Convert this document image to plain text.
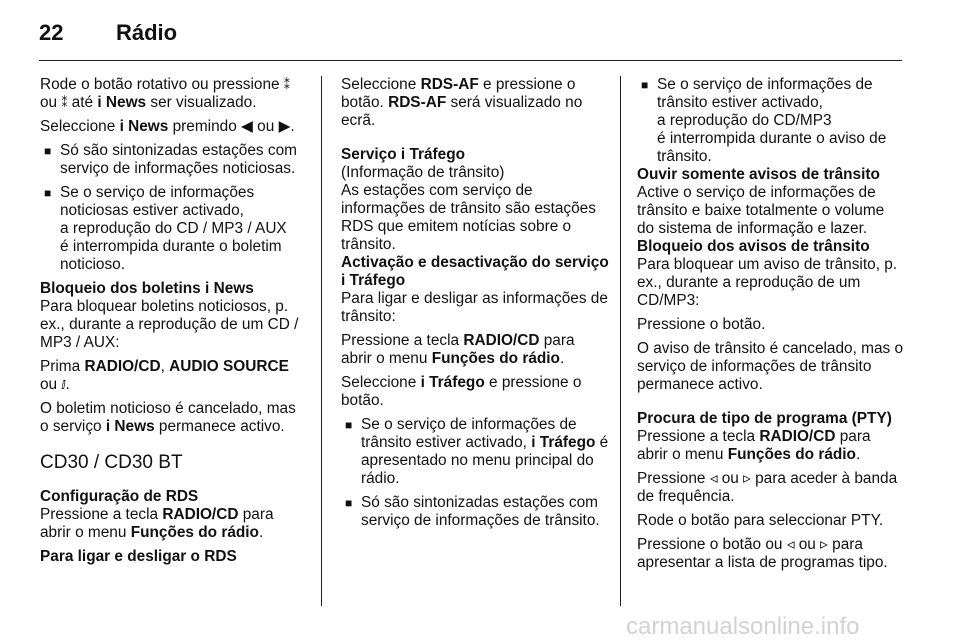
22	Rádio

Rode o botão rotativo ou pressione ⁑ ou ⁑ até i News ser visualizado.

Seleccione i News premindo ◀ ou ▶.

■ Só são sintonizadas estações com serviço de informações noticiosas.
■ Se o serviço de informações
noticiosas estiver activado,
a reprodução do CD / MP3 / AUX
é interrompida durante o boletim
noticioso.

Bloqueio dos boletins i News

Para bloquear boletins noticiosos, p. ex., durante a reprodução de um CD / MP3 / AUX:

Prima RADIO/CD, AUDIO SOURCE ou ⅈ.

O boletim noticioso é cancelado, mas o serviço i News permanece activo.

CD30 / CD30 BT

Configuração de RDS

Pressione a tecla RADIO/CD para abrir o menu Funções do rádio.

Para ligar e desligar o RDS

Seleccione RDS-AF e pressione o botão. RDS-AF será visualizado no ecrã.

Serviço i Tráfego

(Informação de trânsito)

As estações com serviço de informações de trânsito são estações RDS que emitem notícias sobre o trânsito.

Activação e desactivação do serviço i Tráfego

Para ligar e desligar as informações de trânsito:

Pressione a tecla RADIO/CD para abrir o menu Funções do rádio.

Seleccione i Tráfego e pressione o botão.

■ Se o serviço de informações de trânsito estiver activado, i Tráfego é apresentado no menu principal do rádio.
■ Só são sintonizadas estações com serviço de informações de trânsito.
■ Se o serviço de informações de
trânsito estiver activado,
a reprodução do CD/MP3
é interrompida durante o aviso de
trânsito.

Ouvir somente avisos de trânsito

Active o serviço de informações de trânsito e baixe totalmente o volume do sistema de informação e lazer.

Bloqueio dos avisos de trânsito

Para bloquear um aviso de trânsito, p. ex., durante a reprodução de um CD/MP3:

Pressione o botão.

O aviso de trânsito é cancelado, mas o serviço de informações de trânsito permanece activo.

Procura de tipo de programa (PTY)

Pressione a tecla RADIO/CD para abrir o menu Funções do rádio.

Pressione ◃ ou ▹ para aceder à banda de frequência.

Rode o botão para seleccionar PTY.

Pressione o botão ou ◃ ou ▹ para apresentar a lista de programas tipo.

carmanualsonline.info
